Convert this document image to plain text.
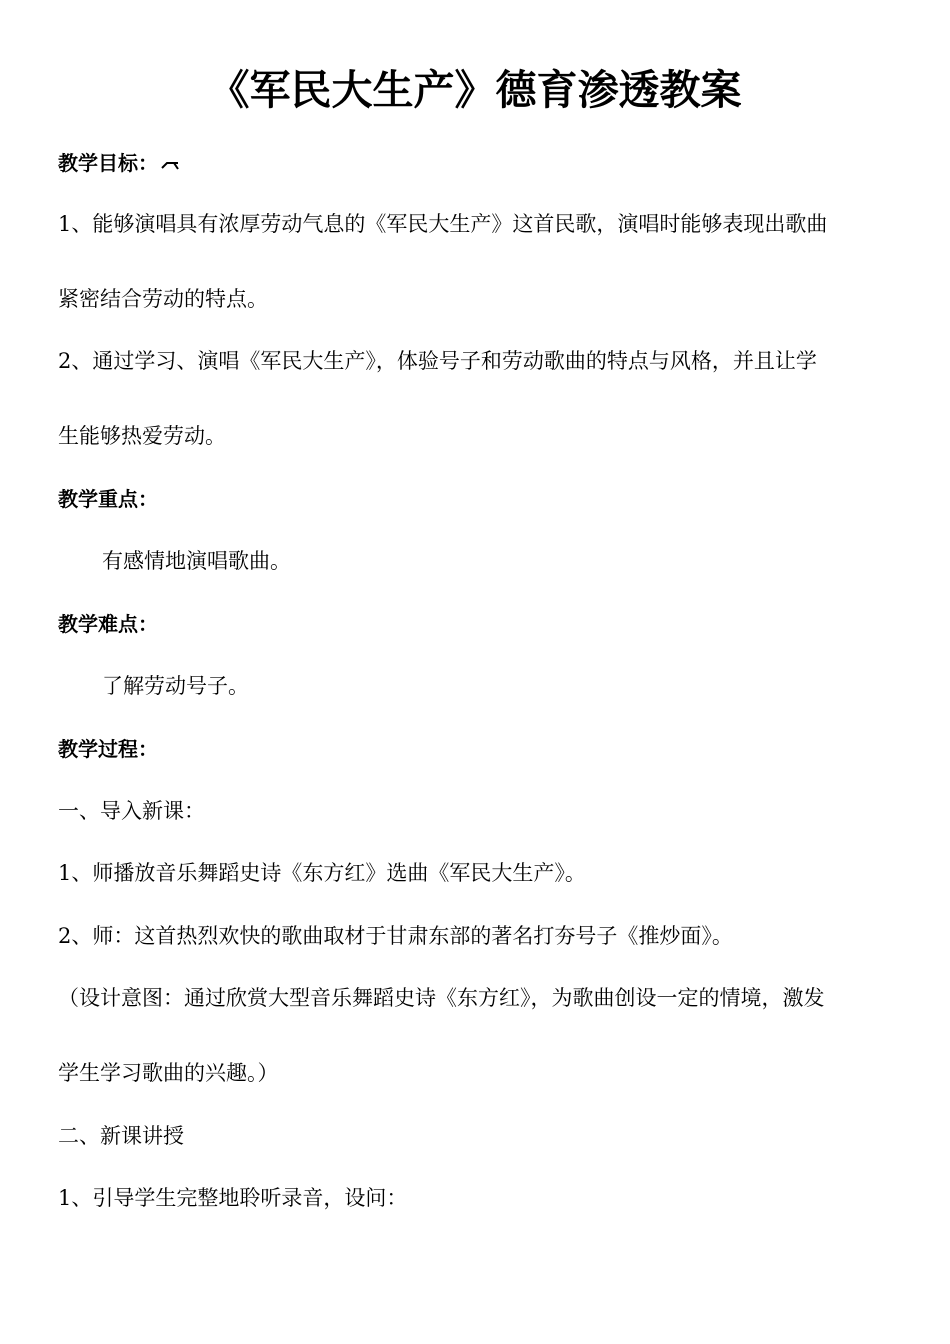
《军民大生产》德育渗透教案
教学目标：
1、能够演唱具有浓厚劳动气息的《军民大生产》这首民歌，演唱时能够表现出歌曲
紧密结合劳动的特点。
2、通过学习、演唱《军民大生产》，体验号子和劳动歌曲的特点与风格，并且让学
生能够热爱劳动。
教学重点：
有感情地演唱歌曲。
教学难点：
了解劳动号子。
教学过程：
一、导入新课：
1、师播放音乐舞蹈史诗《东方红》选曲《军民大生产》。
2、师：这首热烈欢快的歌曲取材于甘肃东部的著名打夯号子《推炒面》。
（设计意图：通过欣赏大型音乐舞蹈史诗《东方红》，为歌曲创设一定的情境，激发
学生学习歌曲的兴趣。）
二、新课讲授
1、引导学生完整地聆听录音，设问：
